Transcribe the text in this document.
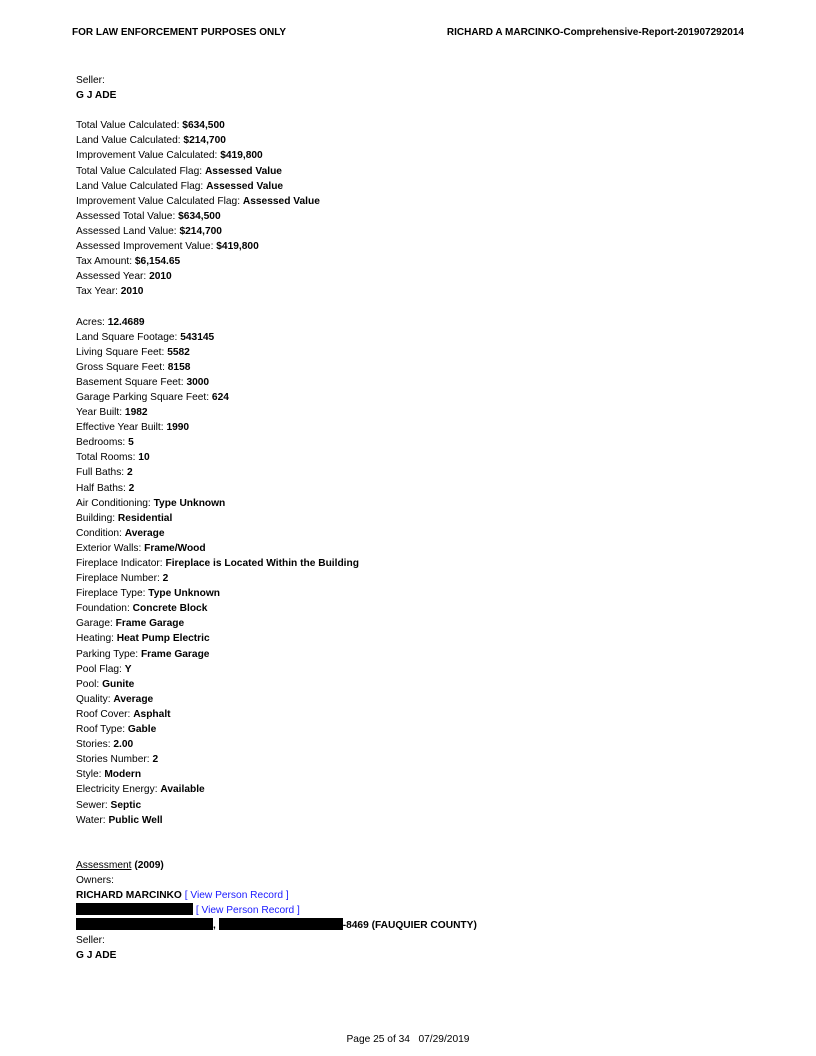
FOR LAW ENFORCEMENT PURPOSES ONLY	RICHARD A MARCINKO-Comprehensive-Report-201907292014
Seller:
G J ADE
Total Value Calculated: $634,500
Land Value Calculated: $214,700
Improvement Value Calculated: $419,800
Total Value Calculated Flag: Assessed Value
Land Value Calculated Flag: Assessed Value
Improvement Value Calculated Flag: Assessed Value
Assessed Total Value: $634,500
Assessed Land Value: $214,700
Assessed Improvement Value: $419,800
Tax Amount: $6,154.65
Assessed Year: 2010
Tax Year: 2010
Acres: 12.4689
Land Square Footage: 543145
Living Square Feet: 5582
Gross Square Feet: 8158
Basement Square Feet: 3000
Garage Parking Square Feet: 624
Year Built: 1982
Effective Year Built: 1990
Bedrooms: 5
Total Rooms: 10
Full Baths: 2
Half Baths: 2
Air Conditioning: Type Unknown
Building: Residential
Condition: Average
Exterior Walls: Frame/Wood
Fireplace Indicator: Fireplace is Located Within the Building
Fireplace Number: 2
Fireplace Type: Type Unknown
Foundation: Concrete Block
Garage: Frame Garage
Heating: Heat Pump Electric
Parking Type: Frame Garage
Pool Flag: Y
Pool: Gunite
Quality: Average
Roof Cover: Asphalt
Roof Type: Gable
Stories: 2.00
Stories Number: 2
Style: Modern
Electricity Energy: Available
Sewer: Septic
Water: Public Well
Assessment (2009)
Owners:
RICHARD MARCINKO [ View Person Record ]
[ View Person Record ]
,	-8469 (FAUQUIER COUNTY)
Seller:
G J ADE
Page 25 of 34 07/29/2019
